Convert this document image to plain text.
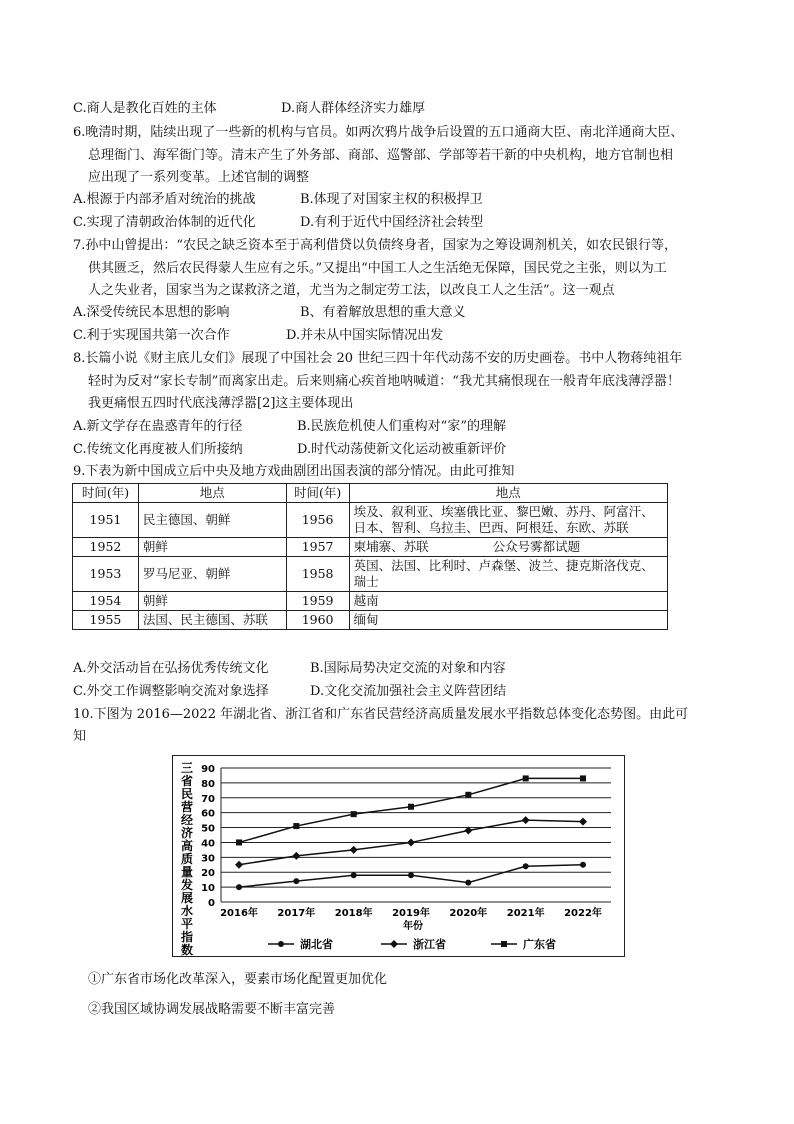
C.商人是教化百姓的主体	D.商人群体经济实力雄厚
6.晚清时期，陆续出现了一些新的机构与官员。如两次鸦片战争后设置的五口通商大臣、南北洋通商大臣、
总理衙门、海军衙门等。清末产生了外务部、商部、巡警部、学部等若干新的中央机构，地方官制也相
应出现了一系列变革。上述官制的调整
A.根源于内部矛盾对统治的挑战	B.体现了对国家主权的积极捍卫
C.实现了清朝政治体制的近代化	D.有利于近代中国经济社会转型
7.孙中山曾提出：“农民之缺乏资本至于高利借贷以负债终身者，国家为之筹设调剂机关，如农民银行等，
供其匮乏，然后农民得蒙人生应有之乐。”又提出“中国工人之生活绝无保障，国民党之主张，则以为工
人之失业者，国家当为之谋救济之道，尤当为之制定劳工法，以改良工人之生活”。这一观点
A.深受传统民本思想的影响	B、有着解放思想的重大意义
C.利于实现国共第一次合作	D.并未从中国实际情况出发
8.长篇小说《财主底儿女们》展现了中国社会 20 世纪三四十年代动荡不安的历史画卷。书中人物蒋纯祖年
轻时为反对“家长专制”而离家出走。后来则痛心疾首地呐喊道：“我尤其痛恨现在一般青年底浅薄浮嚣！
我更痛恨五四时代底浅薄浮嚣[2]这主要体现出
A.新文学存在蛊惑青年的行径	B.民族危机使人们重构对“家”的理解
C.传统文化再度被人们所接纳	D.时代动荡使新文化运动被重新评价
9.下表为新中国成立后中央及地方戏曲剧团出国表演的部分情况。由此可推知
时间(年)	地点	时间(年)	地点
1951	民主德国、朝鲜	1956	埃及、叙利亚、埃塞俄比亚、黎巴嫩、苏丹、阿富汗、日本、智利、乌拉圭、巴西、阿根廷、东欧、苏联
1952	朝鲜	1957	柬埔寨、苏联 公众号雾都试题
1953	罗马尼亚、朝鲜	1958	英国、法国、比利时、卢森堡、波兰、捷克斯洛伐克、瑞士
1954	朝鲜	1959	越南
1955	法国、民主德国、苏联	1960	缅甸
A.外交活动旨在弘扬优秀传统文化	B.国际局势决定交流的对象和内容
C.外交工作调整影响交流对象选择	D.文化交流加强社会主义阵营团结
10.下图为 2016—2022 年湖北省、浙江省和广东省民营经济高质量发展水平指数总体变化态势图。由此可
知
三
省
民
营
经
济
高
质
量
发
展
水
平
指
数
0
10
20
30
40
50
60
70
80
90
2016年 2017年 2018年 2019年 2020年 2021年 2022年
年份
湖北省	浙江省	广东省
①广东省市场化改革深入，要素市场化配置更加优化
②我国区域协调发展战略需要不断丰富完善
